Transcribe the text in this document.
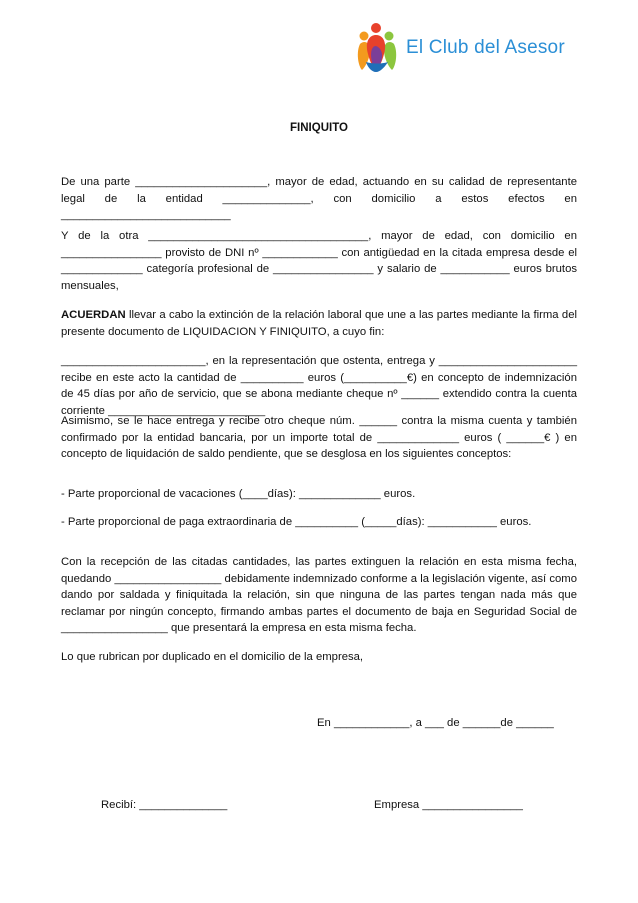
El Club del Asesor
FINIQUITO
De una parte _____________________, mayor de edad, actuando en su calidad de representante legal de la entidad ______________, con domicilio a estos efectos en ___________________________
Y de la otra ___________________________________, mayor de edad, con domicilio en ________________ provisto de DNI nº ____________ con antigüedad en la citada empresa desde el _____________ categoría profesional de ________________ y salario de ___________ euros brutos mensuales,
ACUERDAN llevar a cabo la extinción de la relación laboral que une a las partes mediante la firma del presente documento de LIQUIDACION Y FINIQUITO, a cuyo fin:
_______________________, en la representación que ostenta, entrega y ______________________ recibe en este acto la cantidad de __________ euros (__________€) en concepto de indemnización de 45 días por año de servicio, que se abona mediante cheque nº ______ extendido contra la cuenta corriente _________________________
Asimismo, se le hace entrega y recibe otro cheque núm. ______ contra la misma cuenta y también confirmado por la entidad bancaria, por un importe total de _____________ euros ( ______€ ) en concepto de liquidación de saldo pendiente, que se desglosa en los siguientes conceptos:
- Parte proporcional de vacaciones (____días): _____________ euros.
- Parte proporcional de paga extraordinaria de __________ (_____días): ___________ euros.
Con la recepción de las citadas cantidades, las partes extinguen la relación en esta misma fecha, quedando _________________ debidamente indemnizado conforme a la legislación vigente, así como dando por saldada y finiquitada la relación, sin que ninguna de las partes tengan nada más que reclamar por ningún concepto, firmando ambas partes el documento de baja en Seguridad Social de _________________ que presentará la empresa en esta misma fecha.
Lo que rubrican por duplicado en el domicilio de la empresa,
En ____________, a ___ de ______de ______
Recibí: ______________	Empresa ________________
